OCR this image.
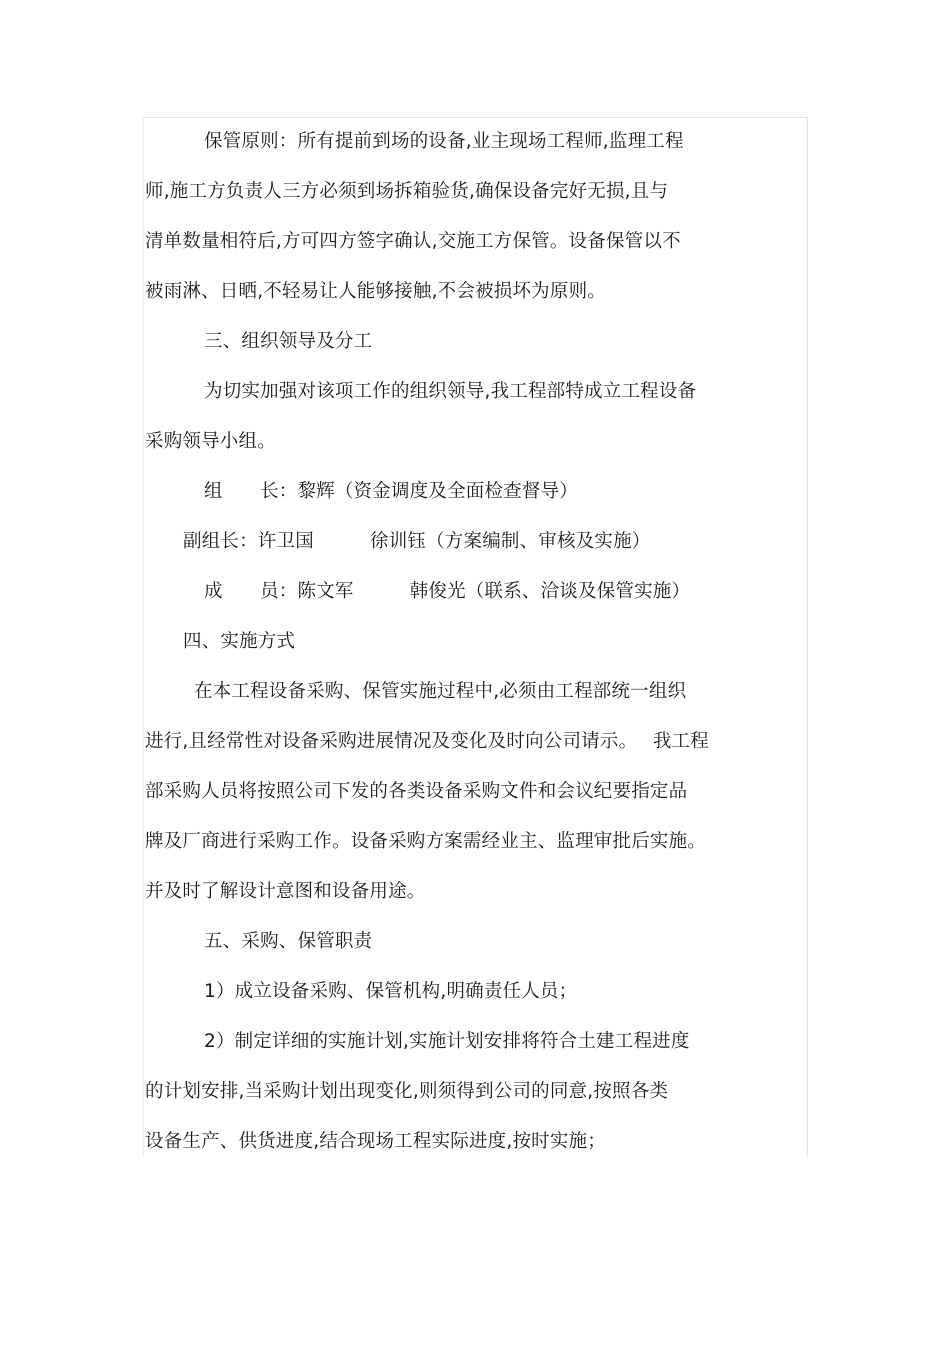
保管原则：所有提前到场的设备,业主现场工程师,监理工程
师,施工方负责人三方必须到场拆箱验货,确保设备完好无损,且与
清单数量相符后,方可四方签字确认,交施工方保管。设备保管以不
被雨淋、日晒,不轻易让人能够接触,不会被损坏为原则。
三、组织领导及分工
为切实加强对该项工作的组织领导,我工程部特成立工程设备
采购领导小组。
组　　长：黎辉（资金调度及全面检查督导）
副组长：许卫国　　　徐训钰（方案编制、审核及实施）
成　　员：陈文军　　　韩俊光（联系、洽谈及保管实施）
四、实施方式
在本工程设备采购、保管实施过程中,必须由工程部统一组织
进行,且经常性对设备采购进展情况及变化及时向公司请示。　 我工程
部采购人员将按照公司下发的各类设备采购文件和会议纪要指定品
牌及厂商进行采购工作。设备采购方案需经业主、监理审批后实施。
并及时了解设计意图和设备用途。
五、采购、保管职责
1）成立设备采购、保管机构,明确责任人员；
2）制定详细的实施计划,实施计划安排将符合土建工程进度
的计划安排,当采购计划出现变化,则须得到公司的同意,按照各类
设备生产、供货进度,结合现场工程实际进度,按时实施；
